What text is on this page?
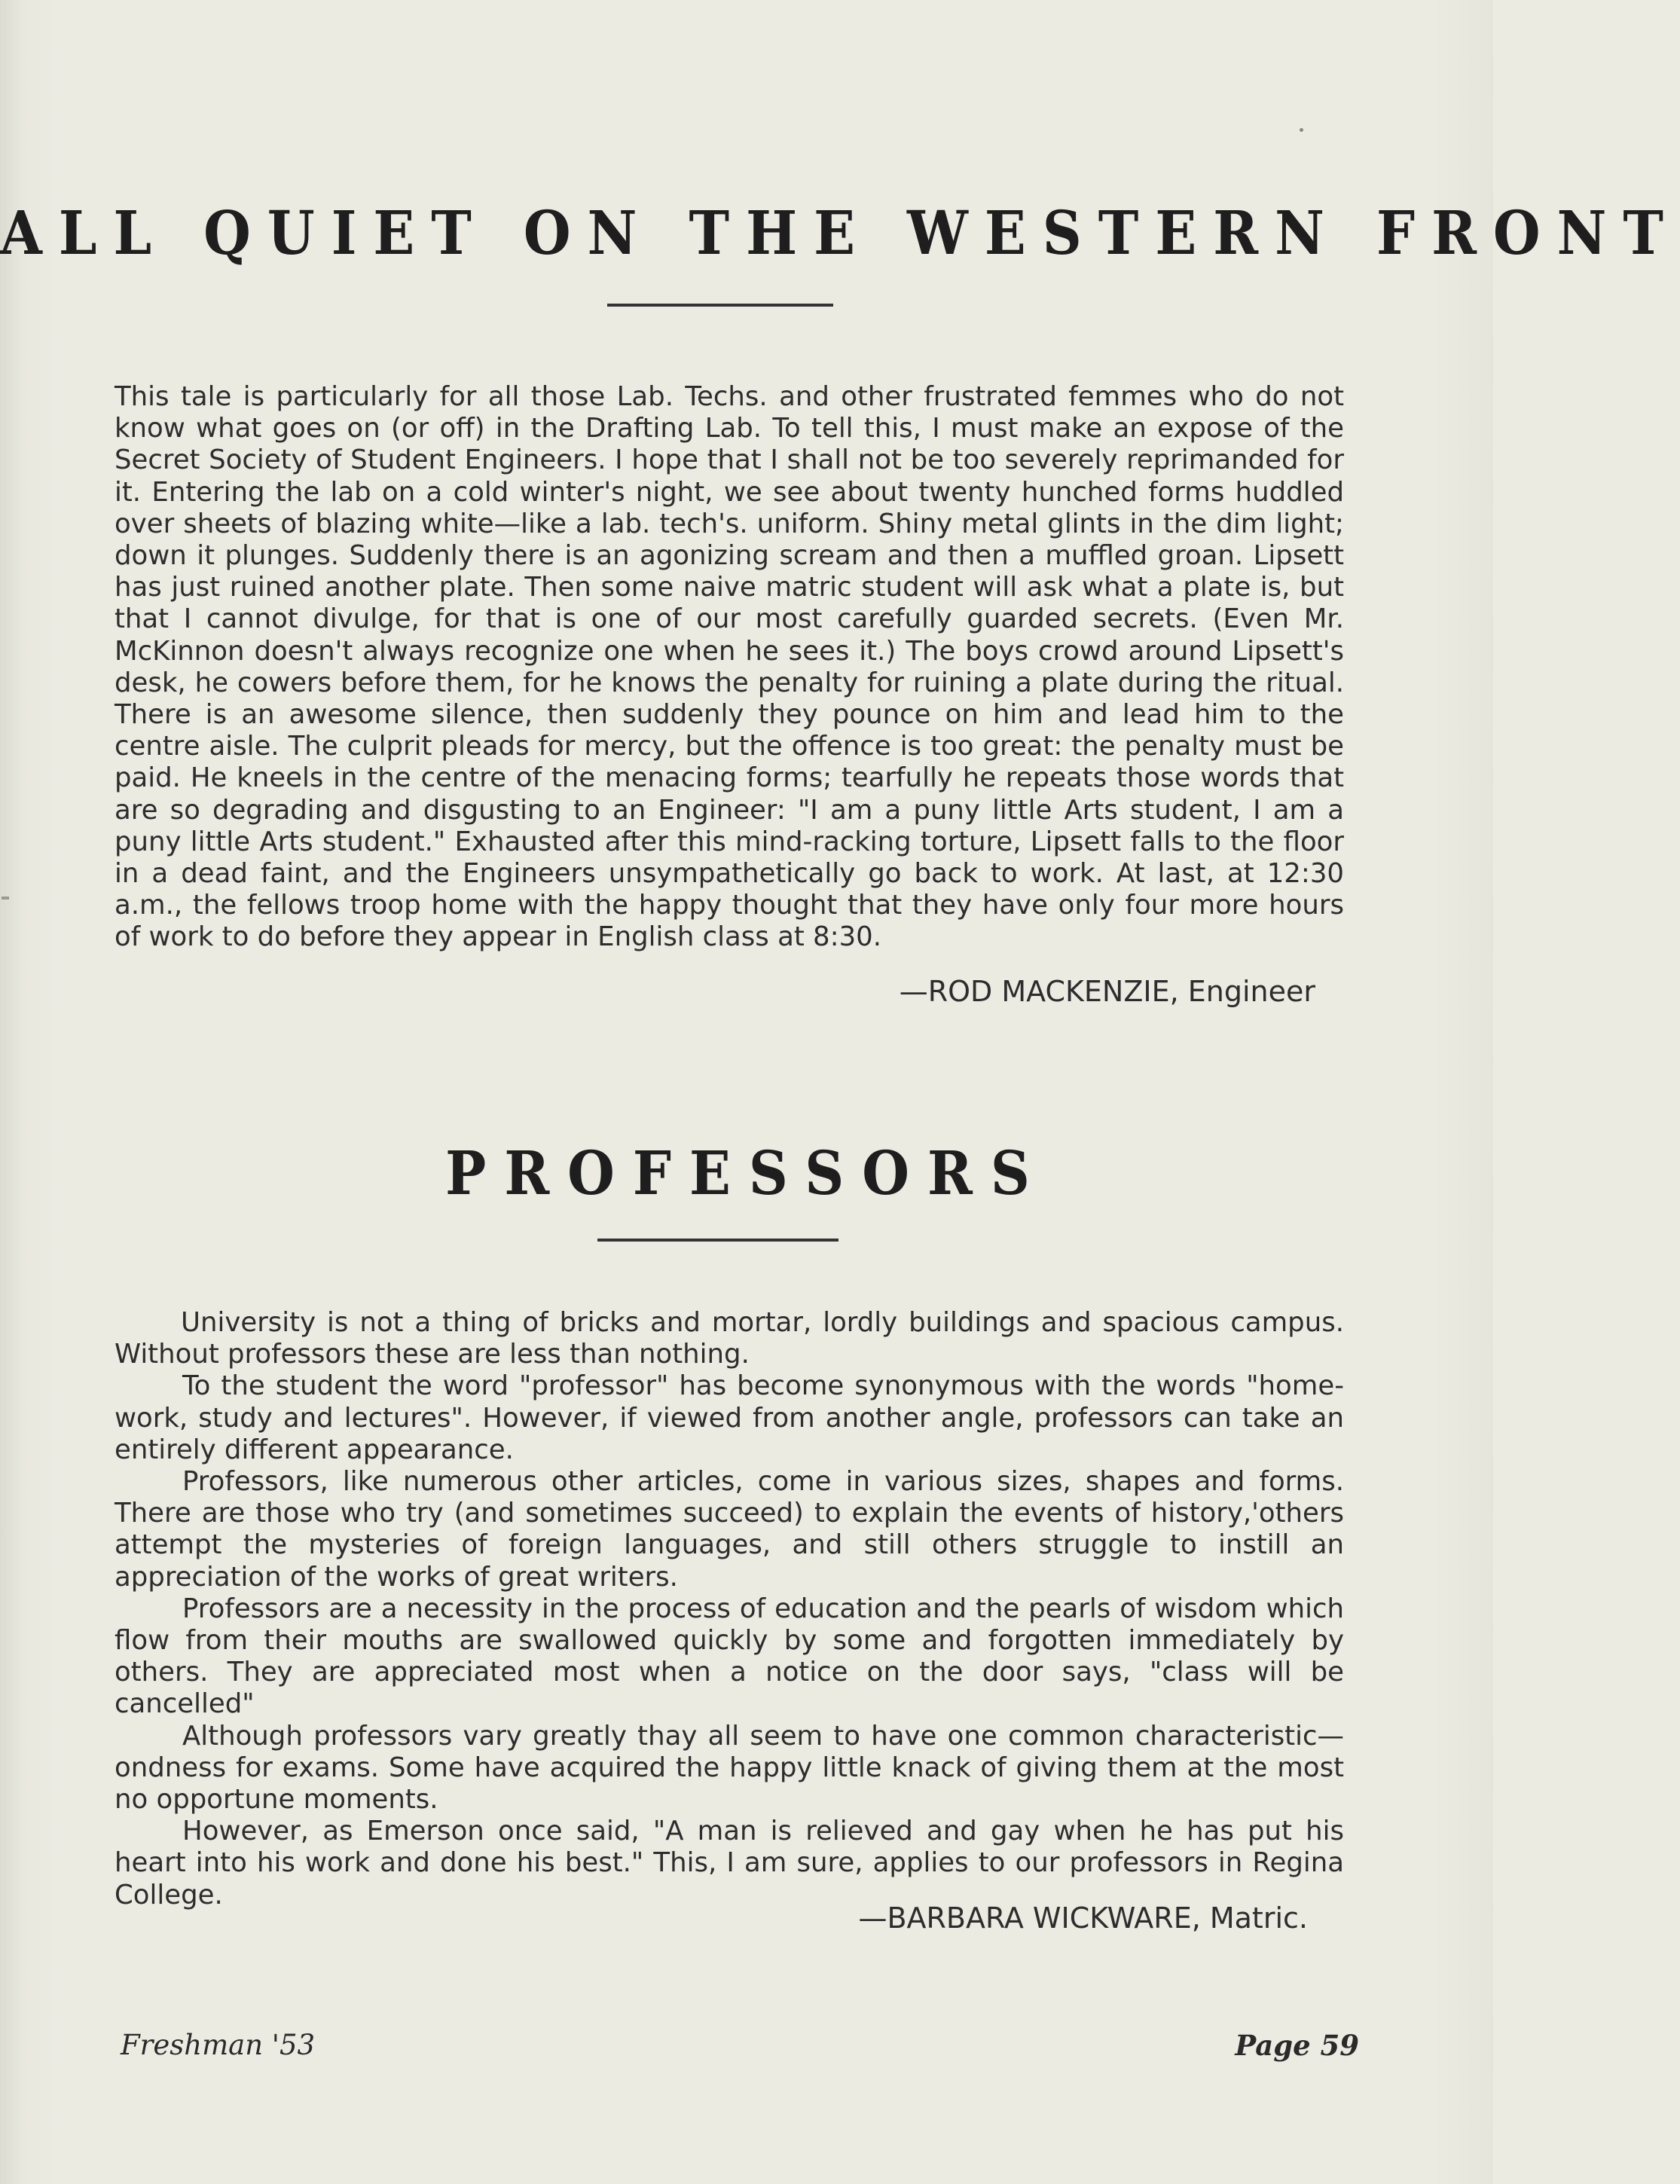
ALL QUIET ON THE WESTERN FRONT

This tale is particularly for all those Lab. Techs. and other frustrated femmes who do not know what goes on (or off) in the Drafting Lab. To tell this, I must make an expose of the Secret Society of Student Engineers. I hope that I shall not be too severely reprimanded for it. Entering the lab on a cold winter's night, we see about twenty hunched forms huddled over sheets of blazing white—like a lab. tech's. uniform. Shiny metal glints in the dim light; down it plunges. Suddenly there is an agonizing scream and then a muffled groan. Lipsett has just ruined another plate. Then some naive matric student will ask what a plate is, but that I cannot divulge, for that is one of our most carefully guarded secrets. (Even Mr. McKinnon doesn't always recognize one when he sees it.) The boys crowd around Lipsett's desk, he cowers before them, for he knows the penalty for ruining a plate during the ritual. There is an awesome silence, then suddenly they pounce on him and lead him to the centre aisle. The culprit pleads for mercy, but the offence is too great: the penalty must be paid. He kneels in the centre of the menacing forms; tearfully he repeats those words that are so degrading and disgusting to an Engineer: "I am a puny little Arts student, I am a puny little Arts student." Exhausted after this mind-racking torture, Lipsett falls to the floor in a dead faint, and the Engineers unsympathetically go back to work. At last, at 12:30 a.m., the fellows troop home with the happy thought that they have only four more hours of work to do before they appear in English class at 8:30.

—ROD MACKENZIE, Engineer
PROFESSORS

University is not a thing of bricks and mortar, lordly buildings and spacious campus. Without professors these are less than nothing.

To the student the word "professor" has become synonymous with the words "home-work, study and lectures". However, if viewed from another angle, professors can take an entirely different appearance.

Professors, like numerous other articles, come in various sizes, shapes and forms. There are those who try (and sometimes succeed) to explain the events of history,'others attempt the mysteries of foreign languages, and still others struggle to instill an appreciation of the works of great writers.

Professors are a necessity in the process of education and the pearls of wisdom which flow from their mouths are swallowed quickly by some and forgotten immediately by others. They are appreciated most when a notice on the door says, "class will be cancelled"

Although professors vary greatly thay all seem to have one common characteristic—ondness for exams. Some have acquired the happy little knack of giving them at the most no opportune moments.

However, as Emerson once said, "A man is relieved and gay when he has put his heart into his work and done his best." This, I am sure, applies to our professors in Regina College.

—BARBARA WICKWARE, Matric.
Freshman '53	Page 59
